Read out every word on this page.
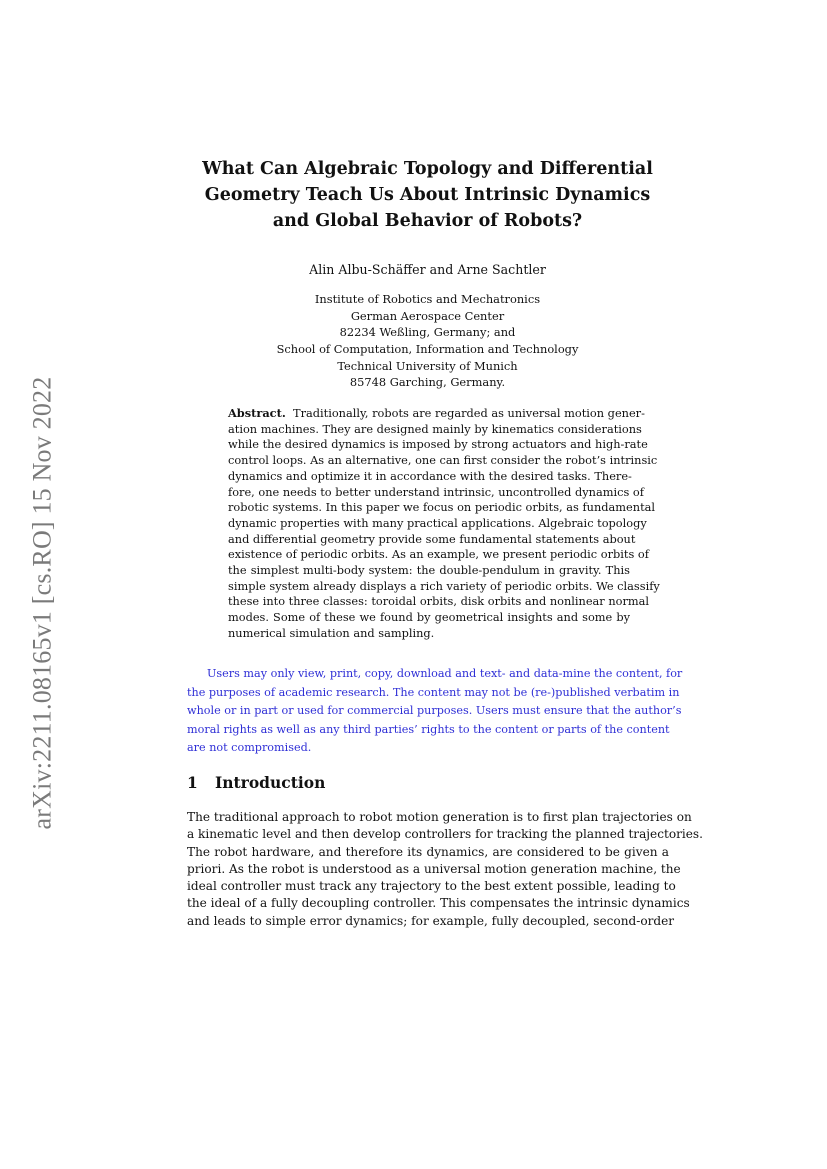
arXiv:2211.08165v1 [cs.RO] 15 Nov 2022
What Can Algebraic Topology and Differential
Geometry Teach Us About Intrinsic Dynamics
and Global Behavior of Robots?
Alin Albu-Schäffer and Arne Sachtler
Institute of Robotics and Mechatronics
German Aerospace Center
82234 Weßling, Germany; and
School of Computation, Information and Technology
Technical University of Munich
85748 Garching, Germany.
Abstract. Traditionally, robots are regarded as universal motion gener-
ation machines. They are designed mainly by kinematics considerations
while the desired dynamics is imposed by strong actuators and high-rate
control loops. As an alternative, one can first consider the robot’s intrinsic
dynamics and optimize it in accordance with the desired tasks. There-
fore, one needs to better understand intrinsic, uncontrolled dynamics of
robotic systems. In this paper we focus on periodic orbits, as fundamental
dynamic properties with many practical applications. Algebraic topology
and differential geometry provide some fundamental statements about
existence of periodic orbits. As an example, we present periodic orbits of
the simplest multi-body system: the double-pendulum in gravity. This
simple system already displays a rich variety of periodic orbits. We classify
these into three classes: toroidal orbits, disk orbits and nonlinear normal
modes. Some of these we found by geometrical insights and some by
numerical simulation and sampling.
Users may only view, print, copy, download and text- and data-mine the content, for
the purposes of academic research. The content may not be (re-)published verbatim in
whole or in part or used for commercial purposes. Users must ensure that the author’s
moral rights as well as any third parties’ rights to the content or parts of the content
are not compromised.
1 Introduction
The traditional approach to robot motion generation is to first plan trajectories on
a kinematic level and then develop controllers for tracking the planned trajectories.
The robot hardware, and therefore its dynamics, are considered to be given a
priori. As the robot is understood as a universal motion generation machine, the
ideal controller must track any trajectory to the best extent possible, leading to
the ideal of a fully decoupling controller. This compensates the intrinsic dynamics
and leads to simple error dynamics; for example, fully decoupled, second-order
